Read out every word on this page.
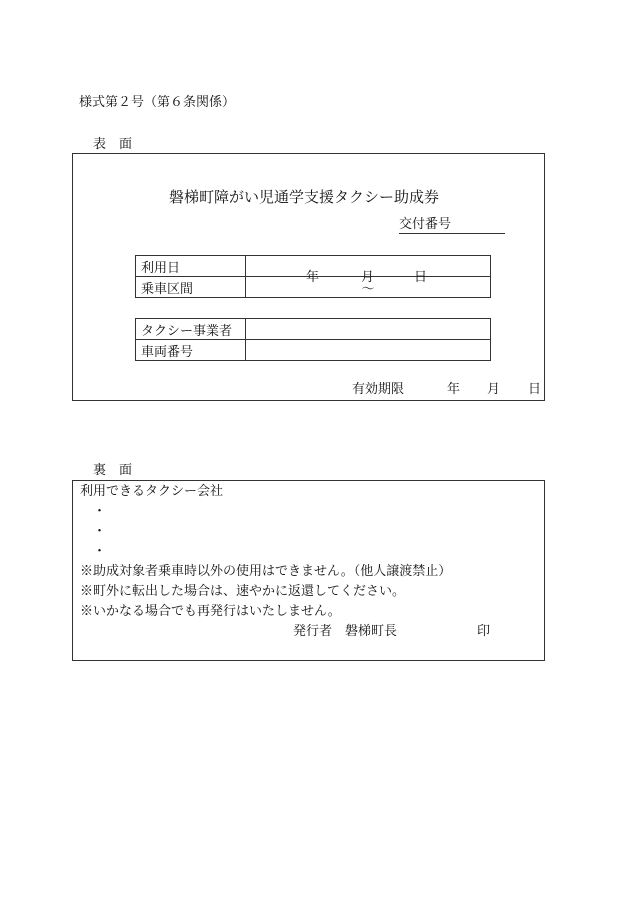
様式第２号（第６条関係）
表　面
磐梯町障がい児通学支援タクシー助成券
交付番号
利用日	年 月 日

乗車区間	～
タクシー事業者	
車両番号	
有効期限	年 月 日
裏　面
利用できるタクシー会社
・
・
・
※助成対象者乗車時以外の使用はできません。（他人譲渡禁止）
※町外に転出した場合は、速やかに返還してください。
※いかなる場合でも再発行はいたしません。
発行者　磐梯町長	印
